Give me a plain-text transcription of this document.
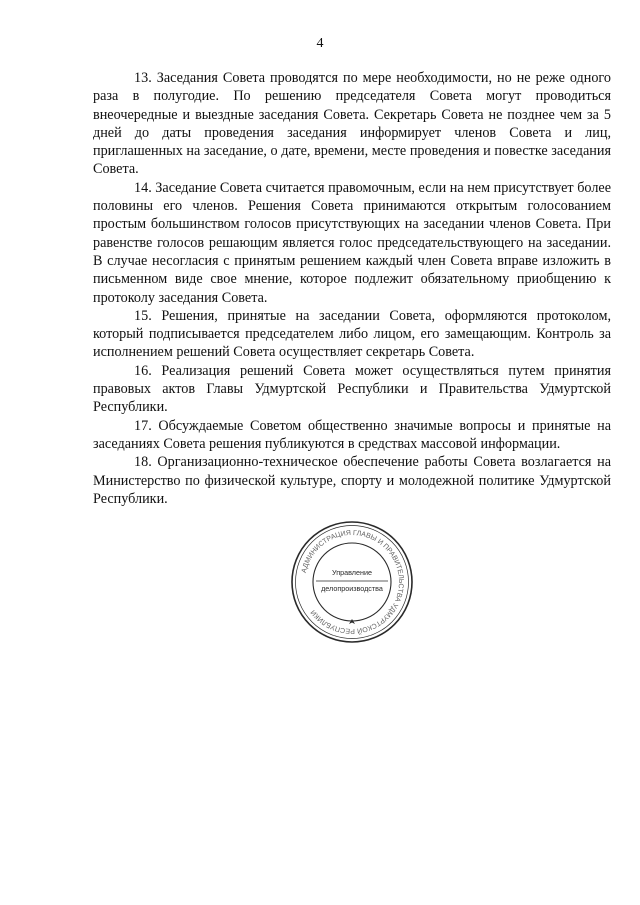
4

13. Заседания Совета проводятся по мере необходимости, но не реже одного раза в полугодие. По решению председателя Совета могут проводиться внеочередные и выездные заседания Совета. Секретарь Совета не позднее чем за 5 дней до даты проведения заседания информирует членов Совета и лиц, приглашенных на заседание, о дате, времени, месте проведения и повестке заседания Совета.

14. Заседание Совета считается правомочным, если на нем присутствует более половины его членов. Решения Совета принимаются открытым голосованием простым большинством голосов присутствующих на заседании членов Совета. При равенстве голосов решающим является голос председательствующего на заседании. В случае несогласия с принятым решением каждый член Совета вправе изложить в письменном виде свое мнение, которое подлежит обязательному приобщению к протоколу заседания Совета.

15. Решения, принятые на заседании Совета, оформляются протоколом, который подписывается председателем либо лицом, его замещающим. Контроль за исполнением решений Совета осуществляет секретарь Совета.

16. Реализация решений Совета может осуществляться путем принятия правовых актов Главы Удмуртской Республики и Правительства Удмуртской Республики.

17. Обсуждаемые Советом общественно значимые вопросы и принятые на заседаниях Совета решения публикуются в средствах массовой информации.

18. Организационно-техническое обеспечение работы Совета возлагается на Министерство по физической культуре, спорту и молодежной политике Удмуртской Республики.

АДМИНИСТРАЦИЯ ГЛАВЫ И ПРАВИТЕЛЬСТВА УДМУРТСКОЙ РЕСПУБЛИКИ
Управление
делопроизводства
